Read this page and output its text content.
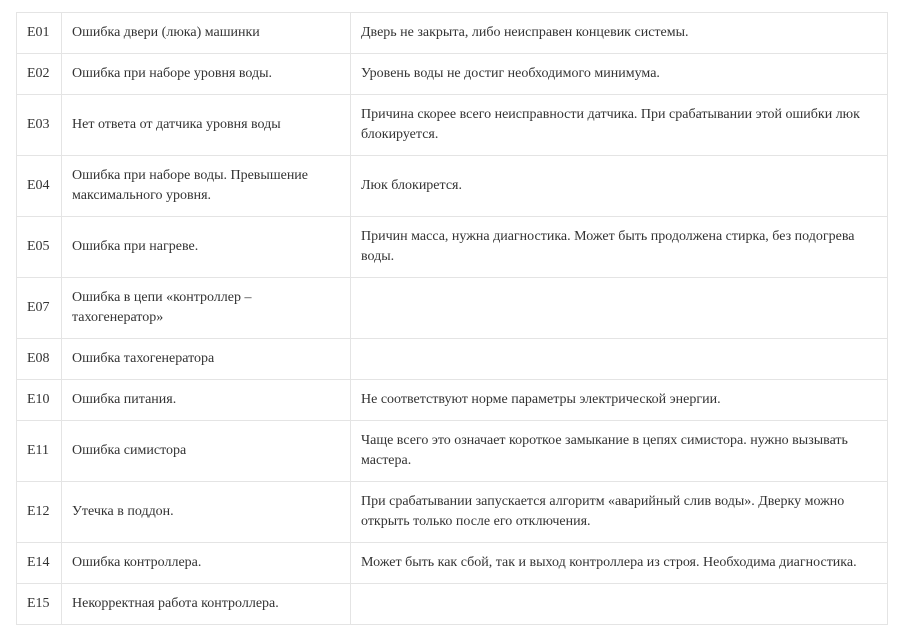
E01	Ошибка двери (люка) машинки	Дверь не закрыта, либо неисправен концевик системы.
E02	Ошибка при наборе уровня воды.	Уровень воды не достиг необходимого минимума.
E03	Нет ответа от датчика уровня воды	Причина скорее всего неисправности датчика. При срабатывании этой ошибки люк блокируется.
E04	Ошибка при наборе воды. Превышение максимального уровня.	Люк блокирется.
E05	Ошибка при нагреве.	Причин масса, нужна диагностика. Может быть продолжена стирка, без подогрева воды.
E07	Ошибка в цепи «контроллер – тахогенератор»	
E08	Ошибка тахогенератора	
E10	Ошибка питания.	Не соответствуют норме параметры электрической энергии.
E11	Ошибка симистора	Чаще всего это означает короткое замыкание в цепях симистора. нужно вызывать мастера.
E12	Утечка в поддон.	При срабатывании запускается алгоритм «аварийный слив воды». Дверку можно открыть только после его отключения.
E14	Ошибка контроллера.	Может быть как сбой, так и выход контроллера из строя. Необходима диагностика.
E15	Некорректная работа контроллера.	
